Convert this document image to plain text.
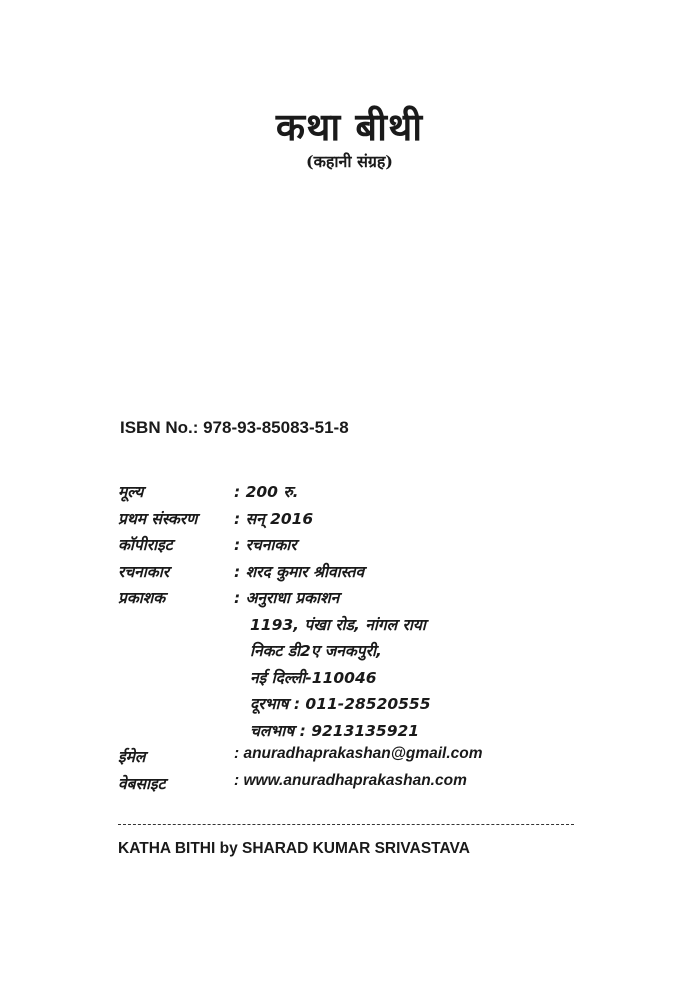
कथा बीथी
(कहानी संग्रह)
ISBN No.: 978-93-85083-51-8
मूल्य	: 200 रु.
प्रथम संस्करण : सन् 2016
कॉपीराइट	: रचनाकार
रचनाकार	: शरद कुमार श्रीवास्तव
प्रकाशक	: अनुराधा प्रकाशन
1193, पंखा रोड, नांगल राया
निकट डी2ए जनकपुरी,
नई दिल्ली-110046
दूरभाष : 011-28520555
चलभाष : 9213135921
ईमेल	: anuradhaprakashan@gmail.com
वेबसाइट	: www.anuradhaprakashan.com
KATHA BITHI by SHARAD KUMAR SRIVASTAVA
